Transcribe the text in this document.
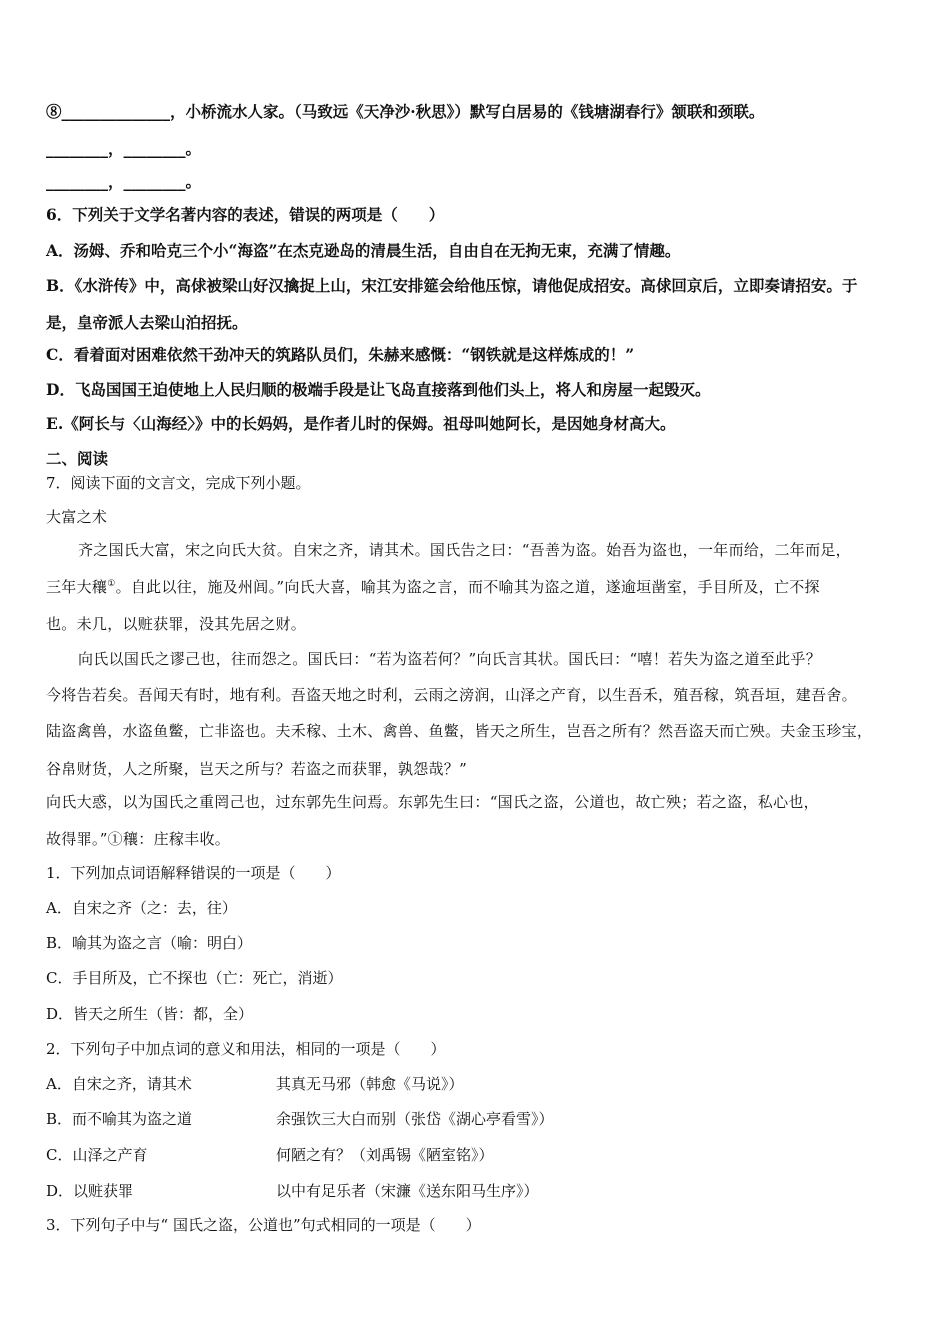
⑧______________，小桥流水人家。（马致远《天净沙·秋思》）默写白居易的《钱塘湖春行》颔联和颈联。
________，________。
________，________。
6．下列关于文学名著内容的表述，错误的两项是（　　）
A．汤姆、乔和哈克三个小“海盗”在杰克逊岛的清晨生活，自由自在无拘无束，充满了情趣。
B．《水浒传》中，高俅被梁山好汉擒捉上山，宋江安排筵会给他压惊，请他促成招安。高俅回京后，立即奏请招安。于
是，皇帝派人去梁山泊招抚。
C．看着面对困难依然干劲冲天的筑路队员们，朱赫来感慨：“钢铁就是这样炼成的！”
D．飞岛国国王迫使地上人民归顺的极端手段是让飞岛直接落到他们头上，将人和房屋一起毁灭。
E.《阿长与〈山海经〉》中的长妈妈，是作者儿时的保姆。祖母叫她阿长，是因她身材高大。
二、阅读
7．阅读下面的文言文，完成下列小题。
大富之术
齐之国氏大富，宋之向氏大贫。自宋之齐，请其术。国氏告之曰：“吾善为盗。始吾为盗也，一年而给，二年而足，
三年大穰①。自此以往，施及州闾。”向氏大喜，喻其为盗之言，而不喻其为盗之道，遂逾垣凿室，手目所及，亡不探
也。未几，以赃获罪，没其先居之财。
向氏以国氏之谬己也，往而怨之。国氏曰：“若为盗若何？”向氏言其状。国氏曰：“嘻！若失为盗之道至此乎？
今将告若矣。吾闻天有时，地有利。吾盗天地之时利，云雨之滂润，山泽之产育，以生吾禾，殖吾稼，筑吾垣，建吾舍。
陆盗禽兽，水盗鱼鳖，亡非盗也。夫禾稼、土木、禽兽、鱼鳖，皆天之所生，岂吾之所有？然吾盗天而亡殃。夫金玉珍宝，
谷帛财货，人之所聚，岂天之所与？若盗之而获罪，孰怨哉？”
向氏大惑，以为国氏之重罔己也，过东郭先生问焉。东郭先生曰：“国氏之盗，公道也，故亡殃；若之盗，私心也，
故得罪。”①穰：庄稼丰收。
1．下列加点词语解释错误的一项是（　　）
A．自宋之齐（之：去，往）
B．喻其为盗之言（喻：明白）
C．手目所及，亡不探也（亡：死亡，消逝）
D．皆天之所生（皆：都，全）
2．下列句子中加点词的意义和用法，相同的一项是（　　）
A．自宋之齐，请其术	其真无马邪（韩愈《马说》）
B．而不喻其为盗之道	余强饮三大白而别（张岱《湖心亭看雪》）
C．山泽之产育	何陋之有？（刘禹锡《陋室铭》）
D．以赃获罪	以中有足乐者（宋濂《送东阳马生序》）
3．下列句子中与“ 国氏之盗，公道也”句式相同的一项是（　　）
